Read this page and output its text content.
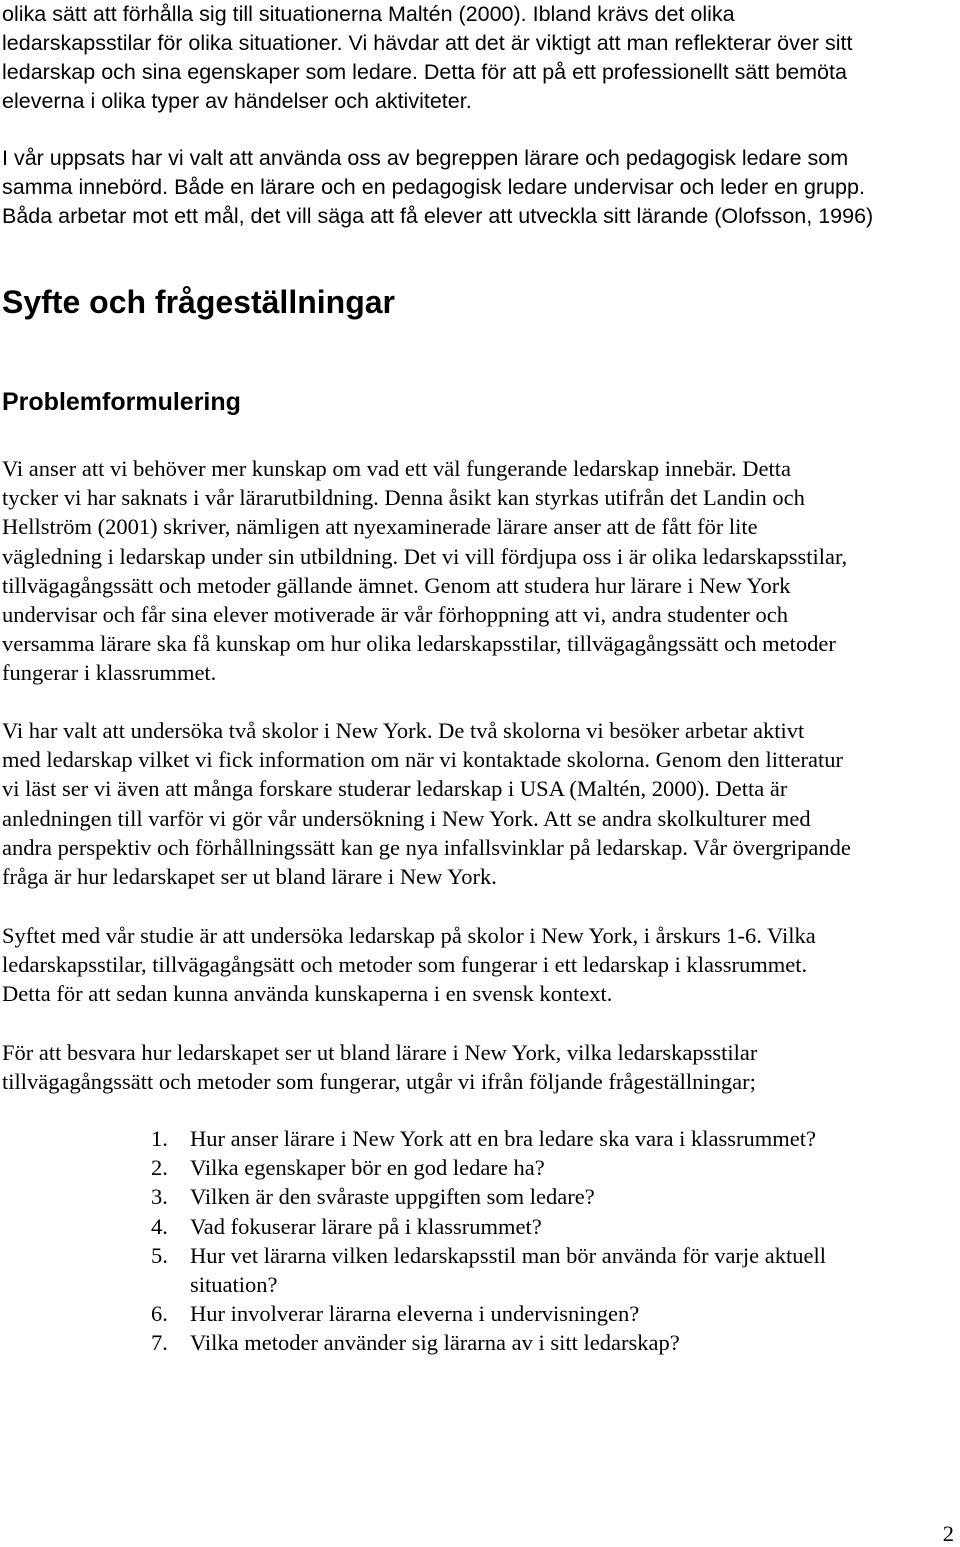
olika sätt att förhålla sig till situationerna Maltén (2000). Ibland krävs det olika
ledarskapsstilar för olika situationer. Vi hävdar att det är viktigt att man reflekterar över sitt
ledarskap och sina egenskaper som ledare. Detta för att på ett professionellt sätt bemöta
eleverna i olika typer av händelser och aktiviteter.

I vår uppsats har vi valt att använda oss av begreppen lärare och pedagogisk ledare som
samma innebörd. Både en lärare och en pedagogisk ledare undervisar och leder en grupp.
Båda arbetar mot ett mål, det vill säga att få elever att utveckla sitt lärande (Olofsson, 1996)

Syfte och frågeställningar
Problemformulering

Vi anser att vi behöver mer kunskap om vad ett väl fungerande ledarskap innebär. Detta
tycker vi har saknats i vår lärarutbildning. Denna åsikt kan styrkas utifrån det Landin och
Hellström (2001) skriver, nämligen att nyexaminerade lärare anser att de fått för lite
vägledning i ledarskap under sin utbildning. Det vi vill fördjupa oss i är olika ledarskapsstilar,
tillvägagångssätt och metoder gällande ämnet. Genom att studera hur lärare i New York
undervisar och får sina elever motiverade är vår förhoppning att vi, andra studenter och
versamma lärare ska få kunskap om hur olika ledarskapsstilar, tillvägagångssätt och metoder
fungerar i klassrummet.

Vi har valt att undersöka två skolor i New York. De två skolorna vi besöker arbetar aktivt
med ledarskap vilket vi fick information om när vi kontaktade skolorna. Genom den litteratur
vi läst ser vi även att många forskare studerar ledarskap i USA (Maltén, 2000). Detta är
anledningen till varför vi gör vår undersökning i New York. Att se andra skolkulturer med
andra perspektiv och förhållningssätt kan ge nya infallsvinklar på ledarskap. Vår övergripande
fråga är hur ledarskapet ser ut bland lärare i New York.

Syftet med vår studie är att undersöka ledarskap på skolor i New York, i årskurs 1-6. Vilka
ledarskapsstilar, tillvägagångsätt och metoder som fungerar i ett ledarskap i klassrummet.
Detta för att sedan kunna använda kunskaperna i en svensk kontext.

För att besvara hur ledarskapet ser ut bland lärare i New York, vilka ledarskapsstilar
tillvägagångssätt och metoder som fungerar, utgår vi ifrån följande frågeställningar;

1. Hur anser lärare i New York att en bra ledare ska vara i klassrummet?
2. Vilka egenskaper bör en god ledare ha?
3. Vilken är den svåraste uppgiften som ledare?
4. Vad fokuserar lärare på i klassrummet?
5. Hur vet lärarna vilken ledarskapsstil man bör använda för varje aktuell
situation?
6. Hur involverar lärarna eleverna i undervisningen?
7. Vilka metoder använder sig lärarna av i sitt ledarskap?

2
